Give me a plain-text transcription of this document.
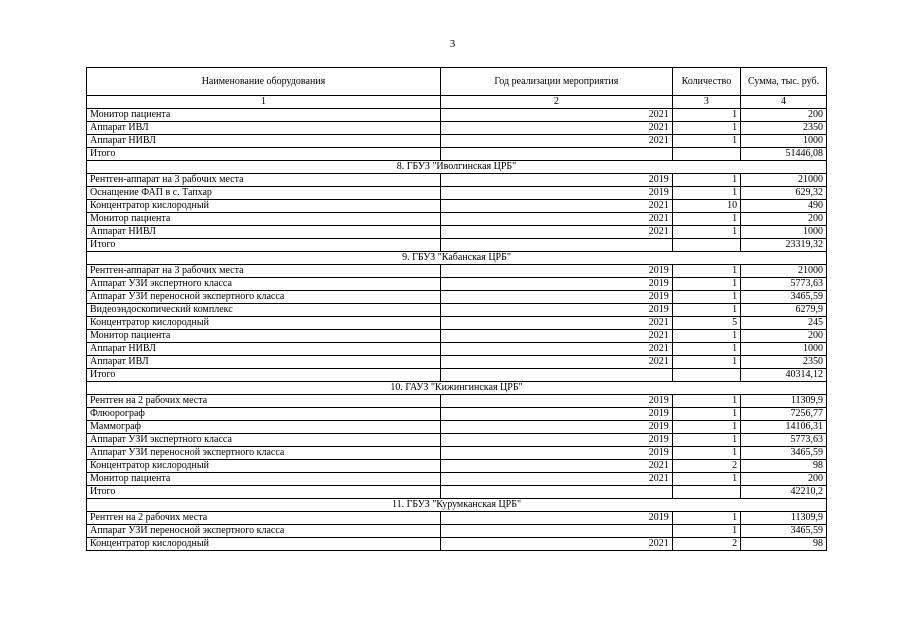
3
Наименование оборудования	Год реализации мероприятия	Количество	Сумма, тыс. руб.
1	2	3	4
Монитор пациента	2021	1	200
Аппарат ИВЛ	2021	1	2350
Аппарат НИВЛ	2021	1	1000
Итого			51446,08
8. ГБУЗ "Иволгинская ЦРБ"			
Рентген-аппарат на 3 рабочих места	2019	1	21000
Оснащение ФАП в с. Тапхар	2019	1	629,32
Концентратор кислородный	2021	10	490
Монитор пациента	2021	1	200
Аппарат НИВЛ	2021	1	1000
Итого			23319,32
9. ГБУЗ "Кабанская ЦРБ"			
Рентген-аппарат на 3 рабочих места	2019	1	21000
Аппарат УЗИ экспертного класса	2019	1	5773,63
Аппарат УЗИ переносной экспертного класса	2019	1	3465,59
Видеоэндоскопический комплекс	2019	1	6279,9
Концентратор кислородный	2021	5	245
Монитор пациента	2021	1	200
Аппарат НИВЛ	2021	1	1000
Аппарат ИВЛ	2021	1	2350
Итого			40314,12
10. ГАУЗ "Кижингинская ЦРБ"			
Рентген на 2 рабочих места	2019	1	11309,9
Флюорограф	2019	1	7256,77
Маммограф	2019	1	14106,31
Аппарат УЗИ экспертного класса	2019	1	5773,63
Аппарат УЗИ переносной экспертного класса	2019	1	3465,59
Концентратор кислородный	2021	2	98
Монитор пациента	2021	1	200
Итого			42210,2
11. ГБУЗ "Курумканская ЦРБ"			
Рентген на 2 рабочих места	2019	1	11309,9
Аппарат УЗИ переносной экспертного класса		1	3465,59
Концентратор кислородный	2021	2	98
